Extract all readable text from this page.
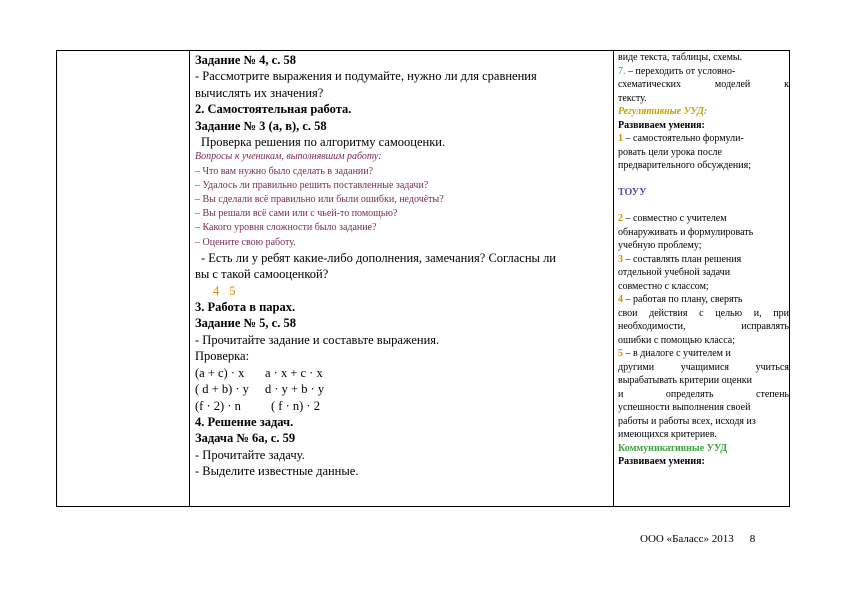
Задание № 4, с. 58
- Рассмотрите выражения и подумайте, нужно ли для сравнения
вычислять их значения?
2. Самостоятельная работа.
Задание № 3 (а, в), с. 58
Проверка решения по алгоритму самооценки.
Вопросы к ученикам, выполнявшим работу:
– Что вам нужно было сделать в задании?
– Удалось ли правильно решить поставленные задачи?
– Вы сделали всё правильно или были ошибки, недочёты?
– Вы решали всё сами или с чьей-то помощью?
– Какого уровня сложности было задание?
– Оцените свою работу.
- Есть ли у ребят какие-либо дополнения, замечания? Согласны ли
вы с такой самооценкой?
4 5
3. Работа в парах.
Задание № 5, с. 58
- Прочитайте задание и составьте выражения.
Проверка:
(a + c) · x a · x + c · x
( d + b) · y d · y + b · y
(f · 2) · n ( f · n) · 2
4. Решение задач.
Задача № 6а, с. 59
- Прочитайте задачу.
- Выделите известные данные.
виде текста, таблицы, схемы.
7. – переходить от условно-
схематических моделей к
тексту.
Регулятивные УУД:
Развиваем умения:
1 – самостоятельно формули-
ровать цели урока после
предварительного обсуждения;
ТОУУ
2 – совместно с учителем
обнаруживать и формулировать
учебную проблему;
3 – составлять план решения
отдельной учебной задачи
совместно с классом;
4 – работая по плану, сверять
свои действия с целью и, при
необходимости, исправлять
ошибки с помощью класса;
5 – в диалоге с учителем и
другими учащимися учиться
вырабатывать критерии оценки
и определять степень
успешности выполнения своей
работы и работы всех, исходя из
имеющихся критериев.
Коммуникативные УУД
Развиваем умения:
ООО «Баласс» 2013 8
